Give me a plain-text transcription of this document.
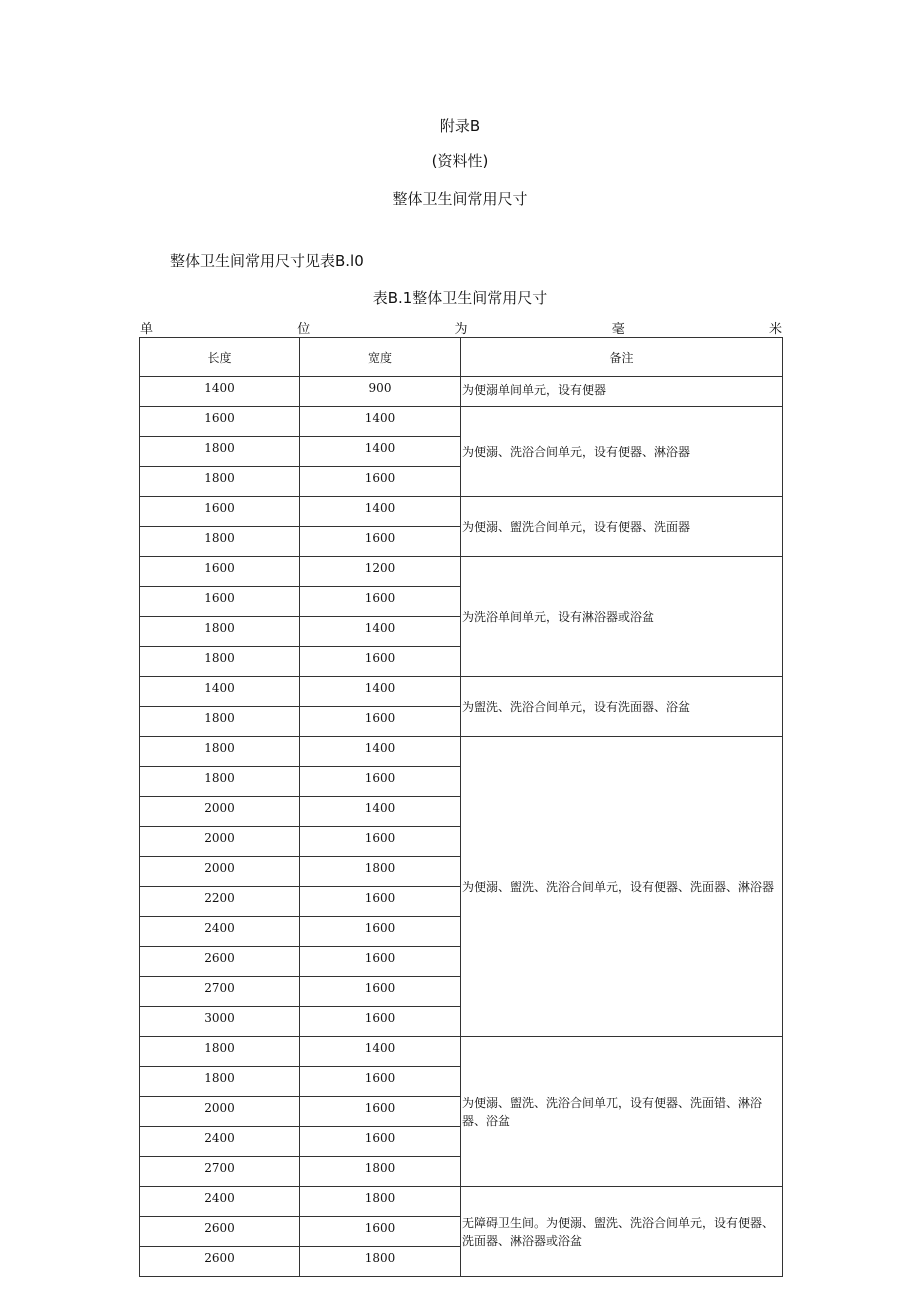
附录B
(资料性)
整体卫生间常用尺寸
整体卫生间常用尺寸见表B.l0
表B.1整体卫生间常用尺寸
单	位	为	毫	米
长度	宽度	备注
1400	900	为便溺单间单元，设有便器
1600	1400	为便溺、洗浴合间单元，设有便器、淋浴器
1800	1400	
1800	1600	
1600	1400	为便溺、盥洗合间单元，设有便器、洗面器
1800	1600	
1600	1200	为洗浴单间单元，设有淋浴器或浴盆
1600	1600	
1800	1400	
1800	1600	
1400	1400	为盥洗、洗浴合间单元，设有洗面器、浴盆
1800	1600	
1800	1400	为便溺、盥洗、洗浴合间单元，设有便器、洗面器、淋浴器
1800	1600	
2000	1400	
2000	1600	
2000	1800	
2200	1600	
2400	1600	
2600	1600	
2700	1600	
3000	1600	
1800	1400	为便溺、盥洗、洗浴合间单兀，设有便器、洗面错、淋浴器、浴盆
1800	1600	
2000	1600	
2400	1600	
2700	1800	
2400	1800	无障碍卫生间。为便溺、盥洗、洗浴合间单元，设有便器、洗面器、淋浴器或浴盆
2600	1600	
2600	1800	
